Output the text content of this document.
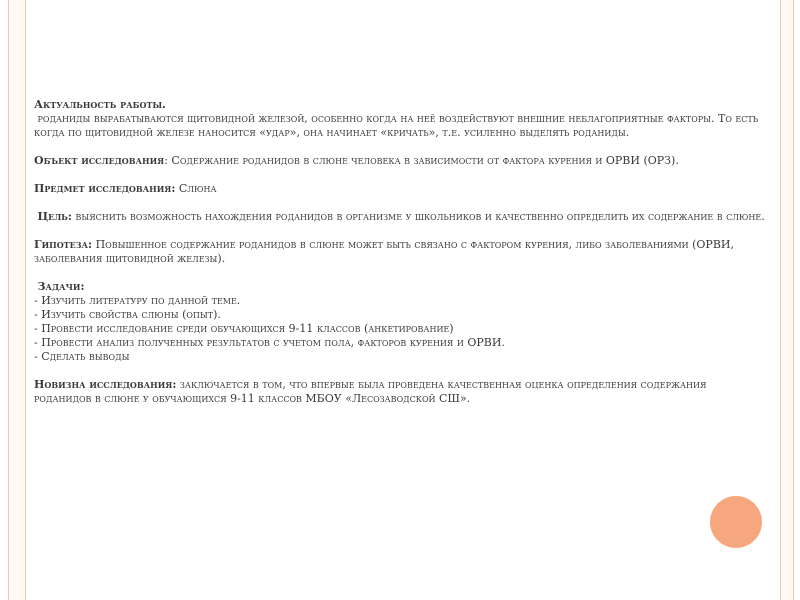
Актуальность работы.

роданиды вырабатываются щитовидной железой, особенно когда на неё воздействуют внешние неблагоприятные факторы. То есть когда по щитовидной железе наносится «удар», она начинает «кричать», т.е. усиленно выделять роданиды.

Объект исследования: Содержание роданидов в слюне человека в зависимости от фактора курения и ОРВИ (ОРЗ).

Предмет исследования: Слюна

Цель: выяснить возможность нахождения роданидов в организме у школьников и качественно определить их содержание в слюне.

Гипотеза: Повышенное содержание роданидов в слюне может быть связано с фактором курения, либо заболеваниями (ОРВИ, заболевания щитовидной железы).

Задачи:

- Изучить литературу по данной теме.

- Изучить свойства слюны (опыт).

- Провести исследование среди обучающихся 9-11 классов (анкетирование)

- Провести анализ полученных результатов с учетом пола, факторов курения и ОРВИ.

- Сделать выводы

Новизна исследования: заключается в том, что впервые была проведена качественная оценка определения содержания роданидов в слюне у обучающихся 9-11 классов МБОУ «Лесозаводской СШ».
